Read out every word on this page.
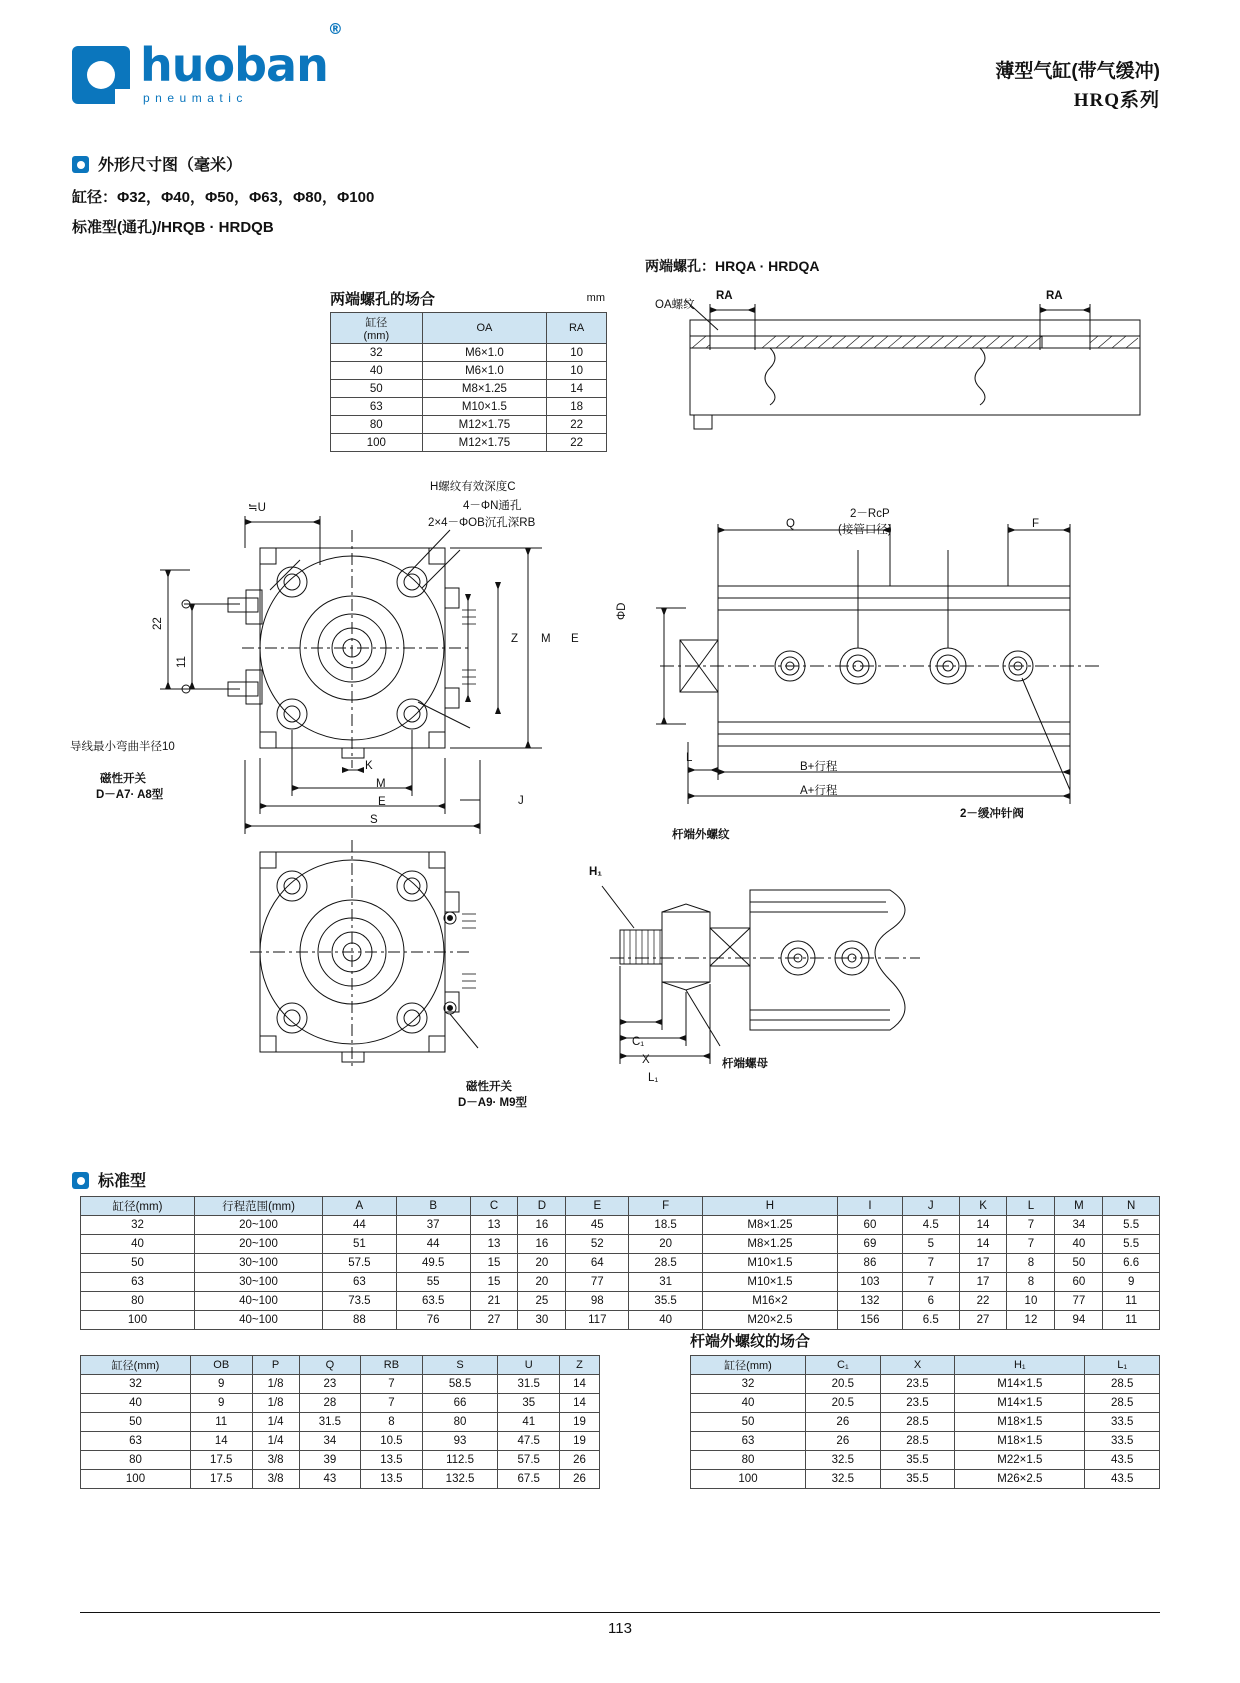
huoban®
pneumatic
薄型气缸(带气缓冲)
HRQ系列
外形尺寸图（毫米）
缸径：Φ32，Φ40，Φ50，Φ63，Φ80，Φ100
标准型(通孔)/HRQB · HRDQB
两端螺孔的场合	mm
缸径
(mm)	OA	RA
32	M6×1.0	10
40	M6×1.0	10
50	M8×1.25	14
63	M10×1.5	18
80	M12×1.75	22
100	M12×1.75	22
两端螺孔：HRQA · HRDQA
OA螺纹
RA	RA
≒U
H螺纹有效深度C
4－ΦN通孔
2×4－ΦOB沉孔深RB
22
11
导线最小弯曲半径10
磁性开关
D－A7· A8型
Z M E
K
M
E
S
J
磁性开关
D－A9· M9型
2－RcP
(接管口径)
Q	F
ΦD
L
B+行程
A+行程
2－缓冲针阀
杆端外螺纹
H₁
C₁
X
L₁
杆端螺母
标准型
缸径(mm)	行程范围(mm)	A	B	C	D	E	F	H	I	J	K	L	M	N
32	20~100	44	37	13	16	45	18.5	M8×1.25	60	4.5	14	7	34	5.5
40	20~100	51	44	13	16	52	20	M8×1.25	69	5	14	7	40	5.5
50	30~100	57.5	49.5	15	20	64	28.5	M10×1.5	86	7	17	8	50	6.6
63	30~100	63	55	15	20	77	31	M10×1.5	103	7	17	8	60	9
80	40~100	73.5	63.5	21	25	98	35.5	M16×2	132	6	22	10	77	11
100	40~100	88	76	27	30	117	40	M20×2.5	156	6.5	27	12	94	11
缸径(mm)	OB	P	Q	RB	S	U	Z
32	9	1/8	23	7	58.5	31.5	14
40	9	1/8	28	7	66	35	14
50	11	1/4	31.5	8	80	41	19
63	14	1/4	34	10.5	93	47.5	19
80	17.5	3/8	39	13.5	112.5	57.5	26
100	17.5	3/8	43	13.5	132.5	67.5	26
杆端外螺纹的场合
缸径(mm)	C₁	X	H₁	L₁
32	20.5	23.5	M14×1.5	28.5
40	20.5	23.5	M14×1.5	28.5
50	26	28.5	M18×1.5	33.5
63	26	28.5	M18×1.5	33.5
80	32.5	35.5	M22×1.5	43.5
100	32.5	35.5	M26×2.5	43.5
113
